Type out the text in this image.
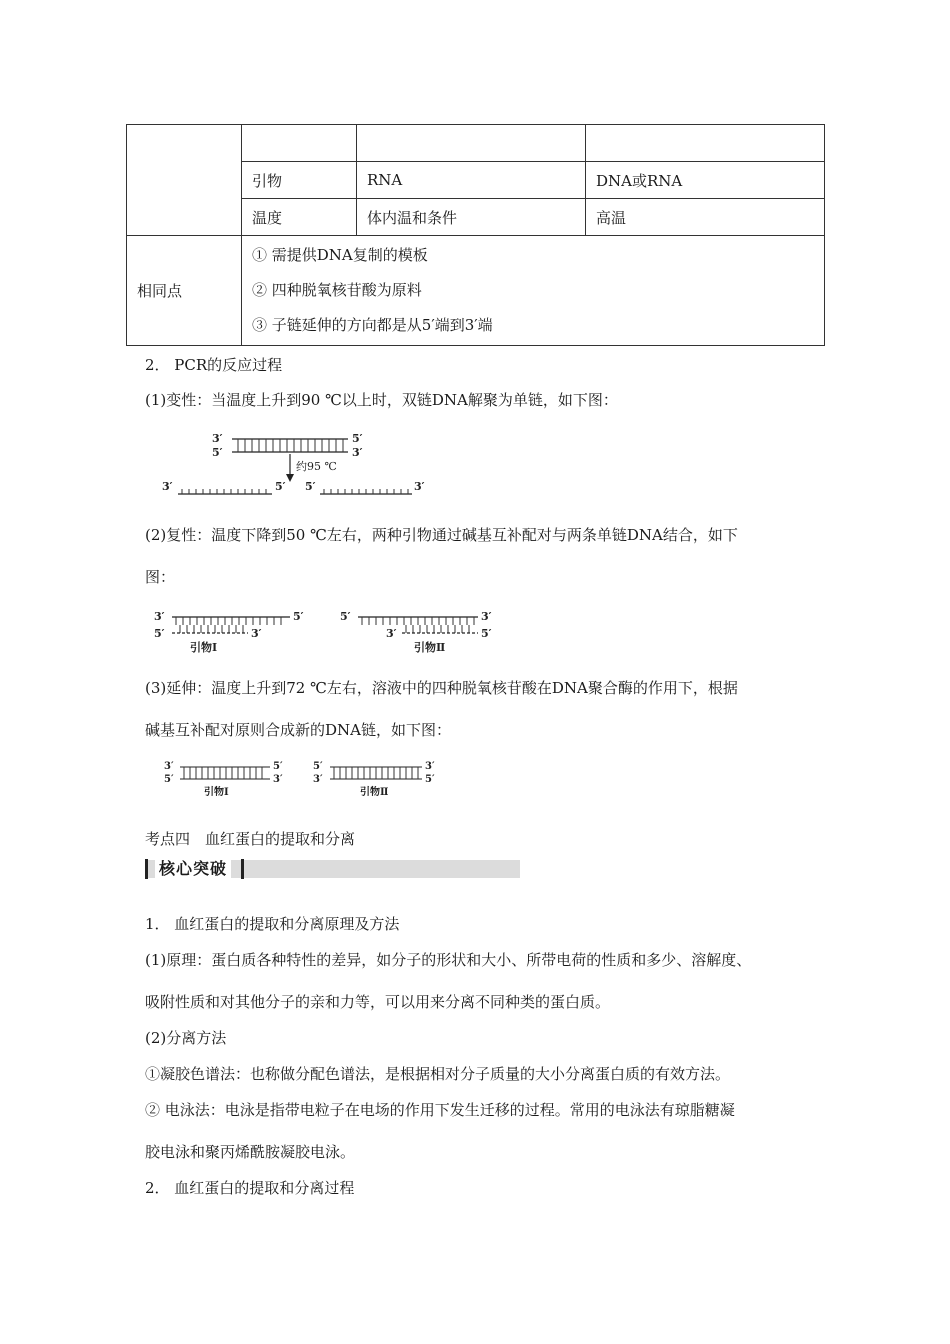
	引物	RNA	DNA或RNA
	温度	体内温和条件	高温
相同点	① 需提供DNA复制的模板
② 四种脱氧核苷酸为原料
③ 子链延伸的方向都是从5′端到3′端		
2． PCR的反应过程
(1)变性：当温度上升到90 ℃以上时，双链DNA解聚为单链，如下图：
3′
5′
5′
3′
约95 ℃
3′	5′ 5′	3′
(2)复性：温度下降到50 ℃左右，两种引物通过碱基互补配对与两条单链DNA结合，如下
图：
3′
5′
5′
3′
引物Ⅰ
5′	3′
3′	5′
引物Ⅱ
(3)延伸：温度上升到72 ℃左右，溶液中的四种脱氧核苷酸在DNA聚合酶的作用下，根据
碱基互补配对原则合成新的DNA链，如下图：
3′
5′
5′
3′
引物Ⅰ
5′
3′
3′
5′
引物Ⅱ
考点四　血红蛋白的提取和分离
核心突破
1． 血红蛋白的提取和分离原理及方法
(1)原理：蛋白质各种特性的差异，如分子的形状和大小、所带电荷的性质和多少、溶解度、
吸附性质和对其他分子的亲和力等，可以用来分离不同种类的蛋白质。
(2)分离方法
①凝胶色谱法：也称做分配色谱法，是根据相对分子质量的大小分离蛋白质的有效方法。
② 电泳法：电泳是指带电粒子在电场的作用下发生迁移的过程。常用的电泳法有琼脂糖凝
胶电泳和聚丙烯酰胺凝胶电泳。
2． 血红蛋白的提取和分离过程
